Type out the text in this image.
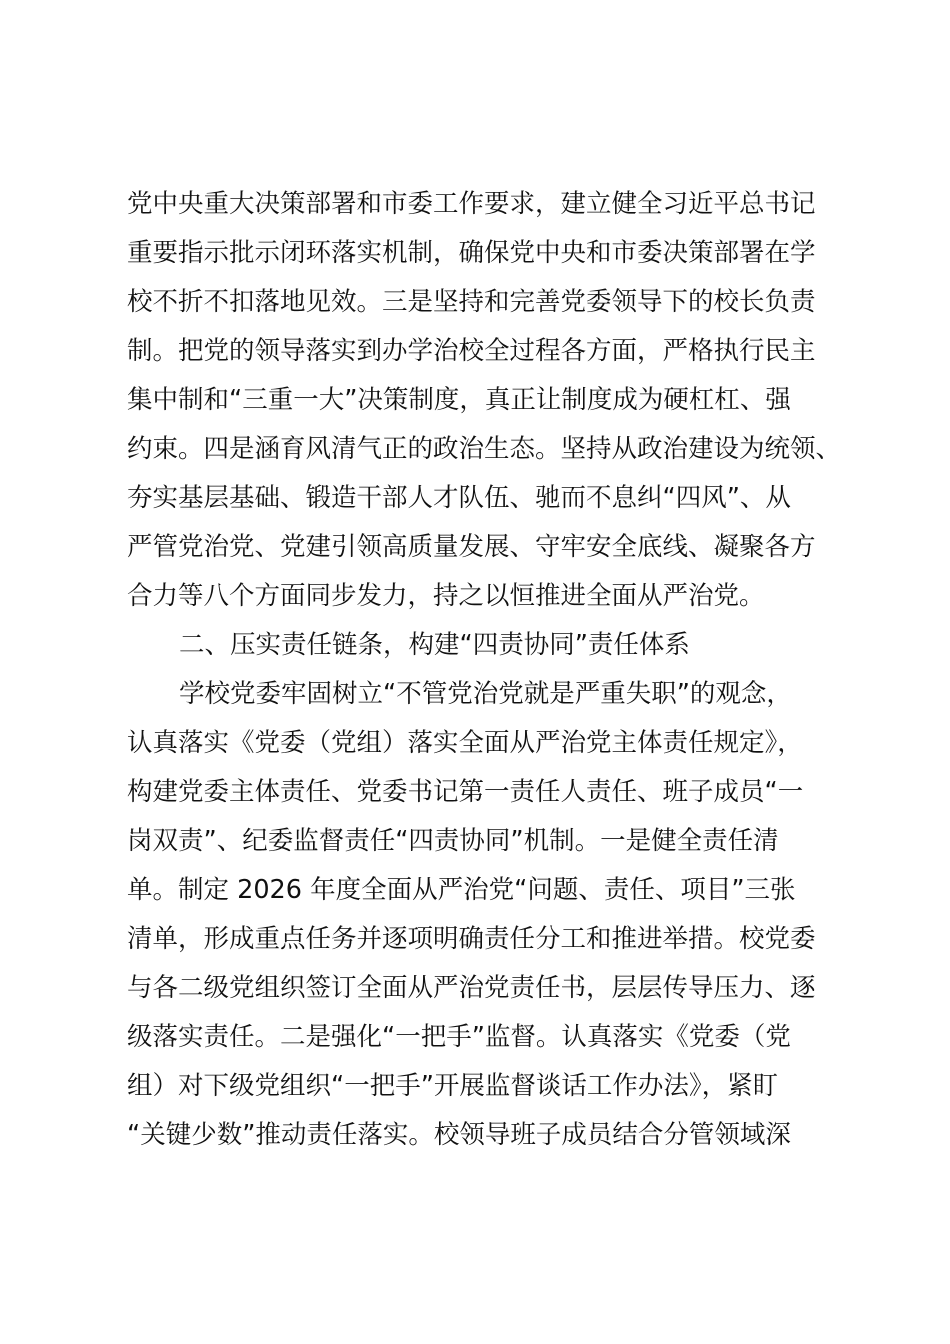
党中央重大决策部署和市委工作要求，建立健全习近平总书记
重要指示批示闭环落实机制，确保党中央和市委决策部署在学
校不折不扣落地见效。三是坚持和完善党委领导下的校长负责
制。把党的领导落实到办学治校全过程各方面，严格执行民主
集中制和“三重一大”决策制度，真正让制度成为硬杠杠、强
约束。四是涵育风清气正的政治生态。坚持从政治建设为统领、
夯实基层基础、锻造干部人才队伍、驰而不息纠“四风”、从
严管党治党、党建引领高质量发展、守牢安全底线、凝聚各方
合力等八个方面同步发力，持之以恒推进全面从严治党。
二、压实责任链条，构建“四责协同”责任体系
学校党委牢固树立“不管党治党就是严重失职”的观念，
认真落实《党委（党组）落实全面从严治党主体责任规定》，
构建党委主体责任、党委书记第一责任人责任、班子成员“一
岗双责”、纪委监督责任“四责协同”机制。一是健全责任清
单。制定 2026 年度全面从严治党“问题、责任、项目”三张
清单，形成重点任务并逐项明确责任分工和推进举措。校党委
与各二级党组织签订全面从严治党责任书，层层传导压力、逐
级落实责任。二是强化“一把手”监督。认真落实《党委（党
组）对下级党组织“一把手”开展监督谈话工作办法》，紧盯
“关键少数”推动责任落实。校领导班子成员结合分管领域深
